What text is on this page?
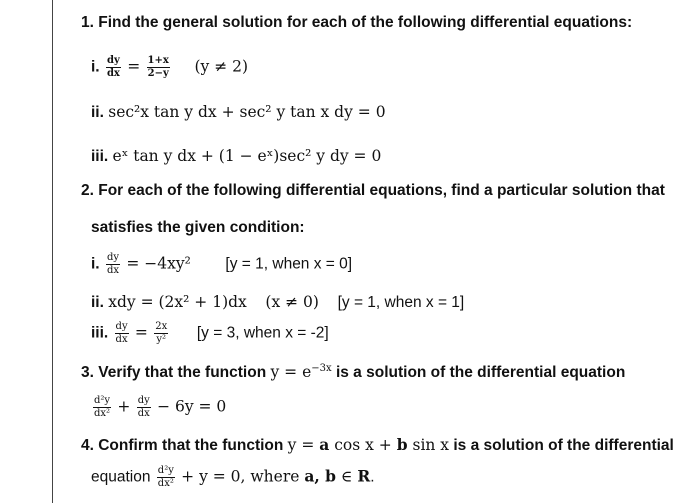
1. Find the general solution for each of the following differential equations:
i. $\frac{dy}{dx} = \frac{1+x}{2-y} (y \ne 2)$
ii. sec²x tan y dx + sec² y tan x dy = 0
iii. eˣ tan y dx + (1 − eˣ)sec² y dy = 0
2. For each of the following differential equations, find a particular solution that
satisfies the given condition:
i. $\frac{dy}{dx} = -4xy^2$ [y = 1, when x = 0]
ii. xdy = (2x² + 1)dx (x ≠ 0) [y = 1, when x = 1]
iii. $\frac{dy}{dx} = \frac{2x}{\text{y²}} [y = 3$, when x = -2]
3. Verify that the function $y = e^{-3x}$ is a solution of the differential equation
$\frac{\text{d²y}}{\text{dx²}} + \frac{dy}{dx} - 6y = 0$
4. Confirm that the function y = a cos x + b sin x is a solution of the differential
equation $\frac{\text{d²y}}{\text{dx²}} + y = 0$, where a, b ∈ R.
